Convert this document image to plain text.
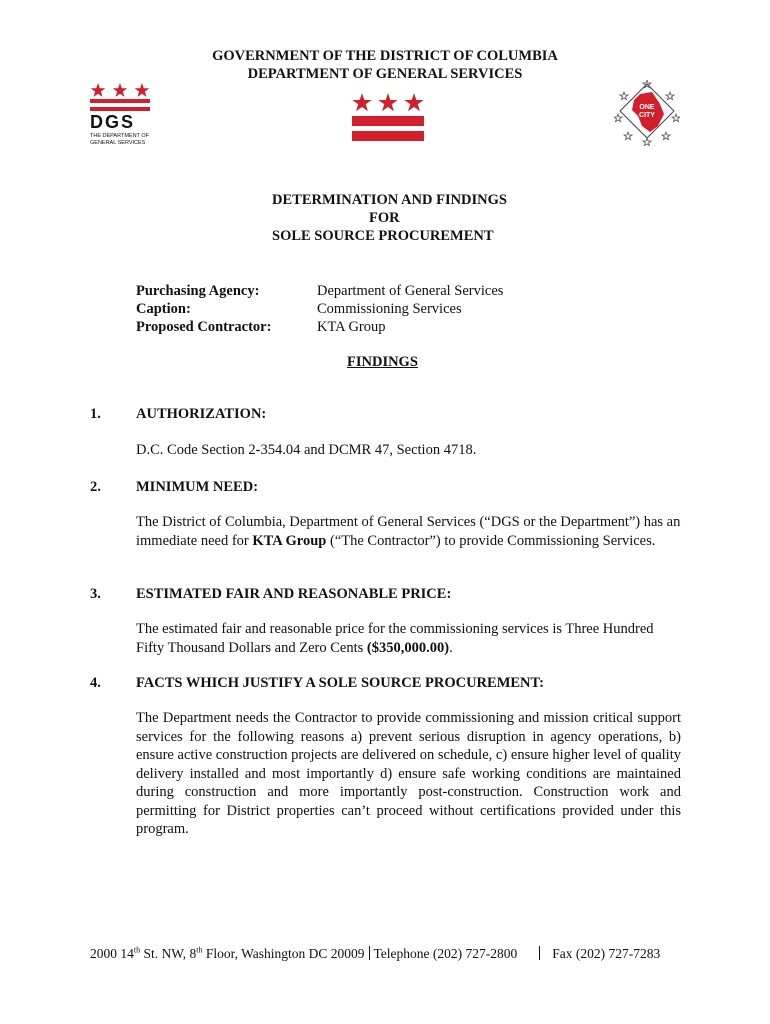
GOVERNMENT OF THE DISTRICT OF COLUMBIA
DEPARTMENT OF GENERAL SERVICES
DGS
THE DEPARTMENT OF
GENERAL SERVICES
ONE
CITY
DETERMINATION AND FINDINGS
FOR
SOLE SOURCE PROCUREMENT
Purchasing Agency:	Department of General Services
Caption:	Commissioning Services
Proposed Contractor:	KTA Group
FINDINGS
1. AUTHORIZATION:
D.C. Code Section 2-354.04 and DCMR 47, Section 4718.
2. MINIMUM NEED:
The District of Columbia, Department of General Services (“DGS or the Department”) has an immediate need for KTA Group (“The Contractor”) to provide Commissioning Services.
3. ESTIMATED FAIR AND REASONABLE PRICE:
The estimated fair and reasonable price for the commissioning services is Three Hundred Fifty Thousand Dollars and Zero Cents ($350,000.00).
4. FACTS WHICH JUSTIFY A SOLE SOURCE PROCUREMENT:
The Department needs the Contractor to provide commissioning and mission critical support services for the following reasons a) prevent serious disruption in agency operations, b) ensure active construction projects are delivered on schedule, c) ensure higher level of quality delivery installed and most importantly d) ensure safe working conditions are maintained during construction and more importantly post-construction. Construction work and permitting for District properties can’t proceed without certifications provided under this program.
2000 14th St. NW, 8th Floor, Washington DC 20009 Telephone (202) 727-2800	Fax (202) 727-7283
